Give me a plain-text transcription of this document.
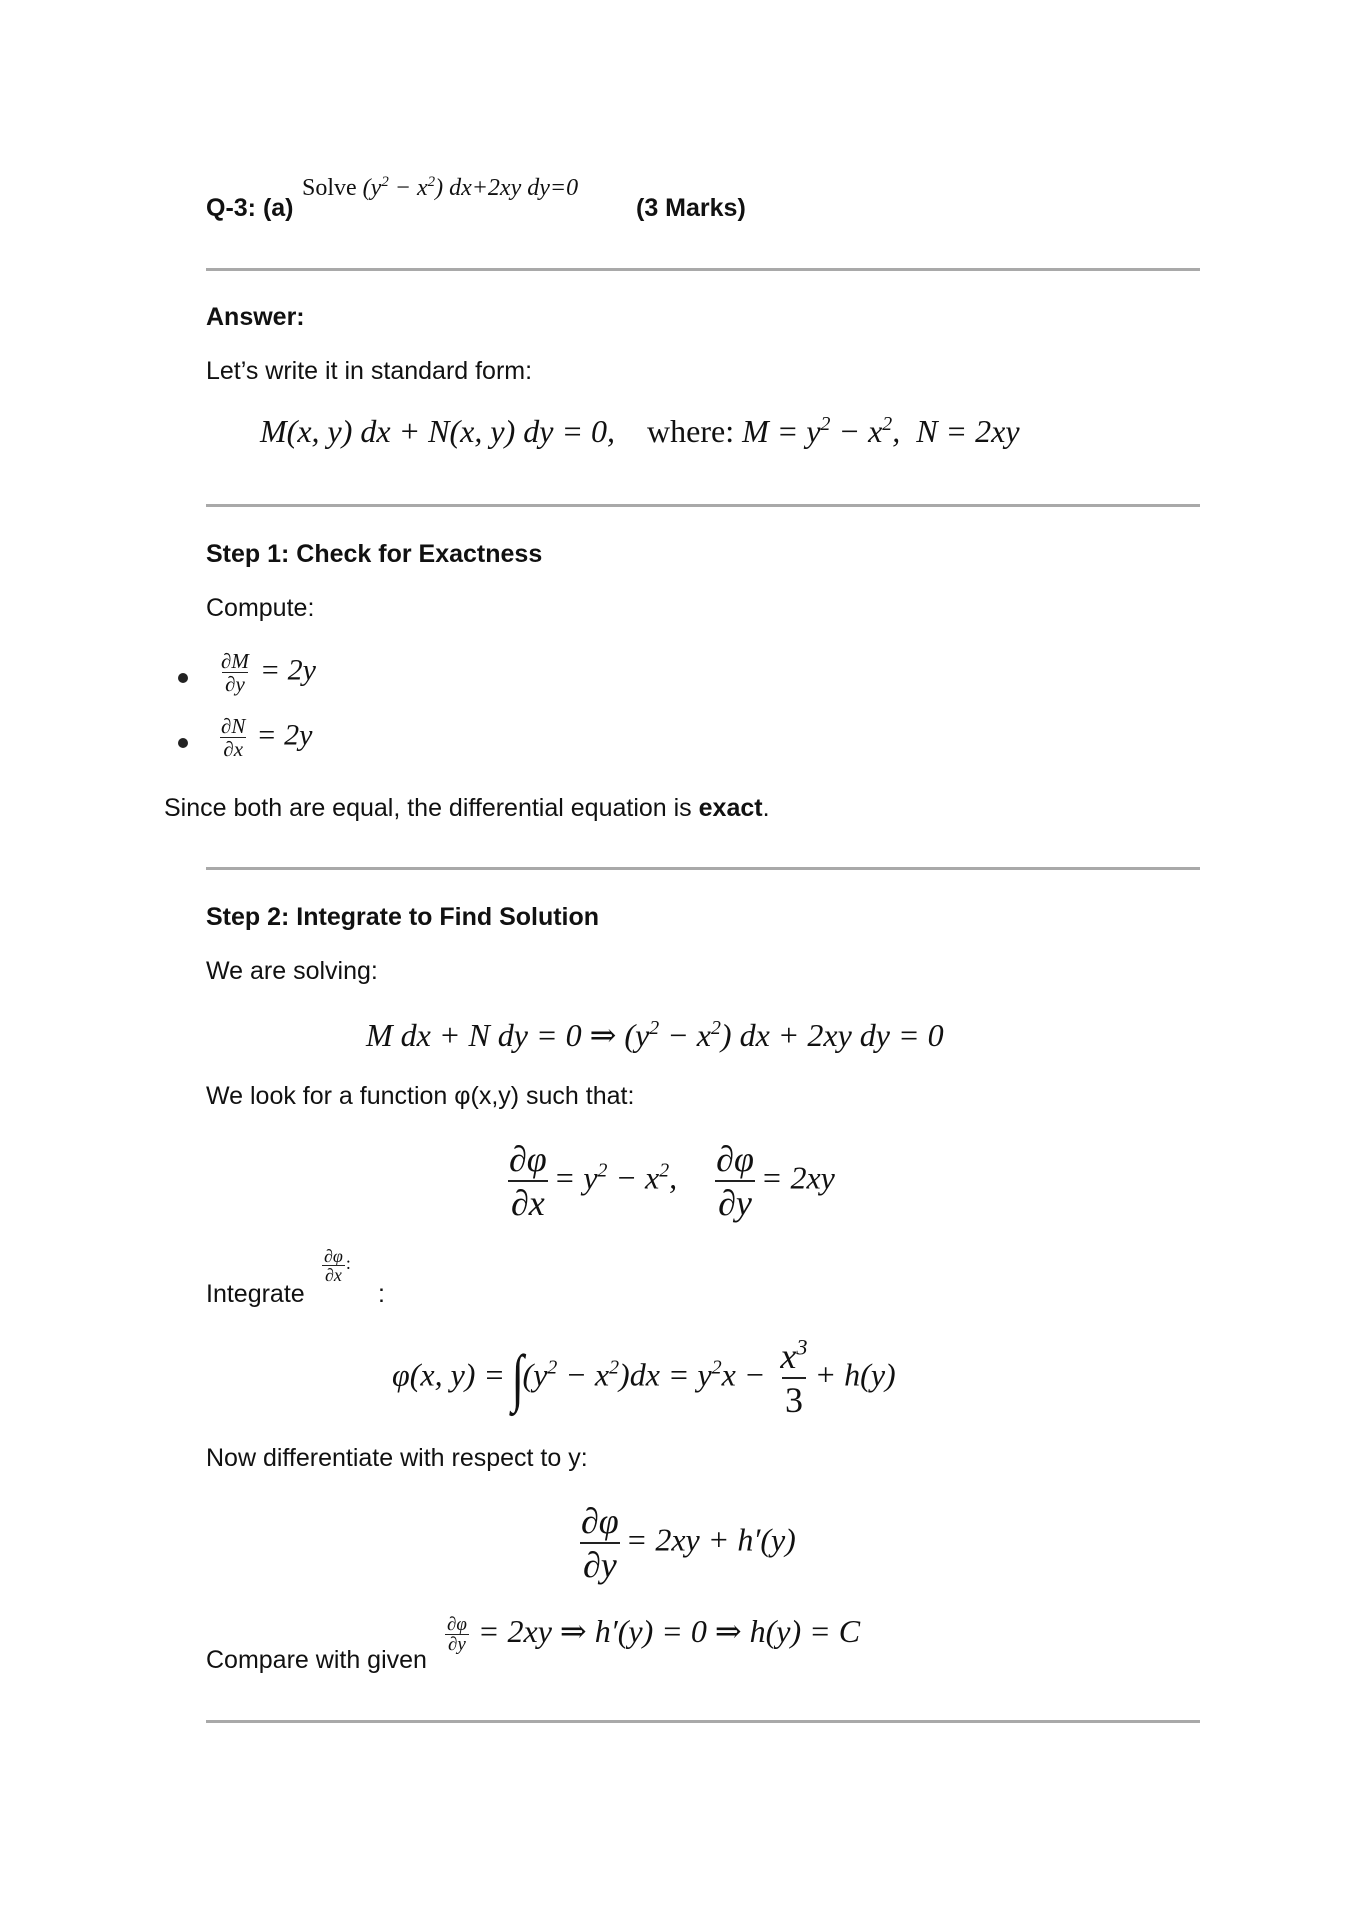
Q-3: (a)
Solve $(y^2 - x^2)$ dx+2xy dy=0
(3 Marks)
Answer:
Let’s write it in standard form:
M(x, y) dx + N(x, y) dy = 0,    where: $M = y^2 - x^2$,  N = 2xy
Step 1: Check for Exactness
Compute:
$\frac{\partial M}{\partial y} = 2y$
$\frac{\partial N}{\partial x} = 2y$
Since both are equal, the differential equation is exact.
Step 2: Integrate to Find Solution
We are solving:
M dx + N dy = 0 ⇒ $(y^2 - x^2)$ dx + 2xy dy = 0
We look for a function φ(x,y) such that:
$\frac{\partial\varphi}{\partial x} = y^2 - x^2$, $\frac{\partial\varphi}{\partial y} = 2xy$
Integrate
$\frac{\partial\varphi}{\partial x}$ :
:
φ(x, $y) = \int(y^2 - x^2)dx = y^2x - \frac{x^3}{3} + h(y)$
Now differentiate with respect to y:
$\frac{\partial\varphi}{\partial y} = 2xy + h'(y)$
Compare with given
$\frac{\partial\varphi}{\partial y} = 2xy$ ⇒ h′(y) = 0 ⇒ h(y) = C
